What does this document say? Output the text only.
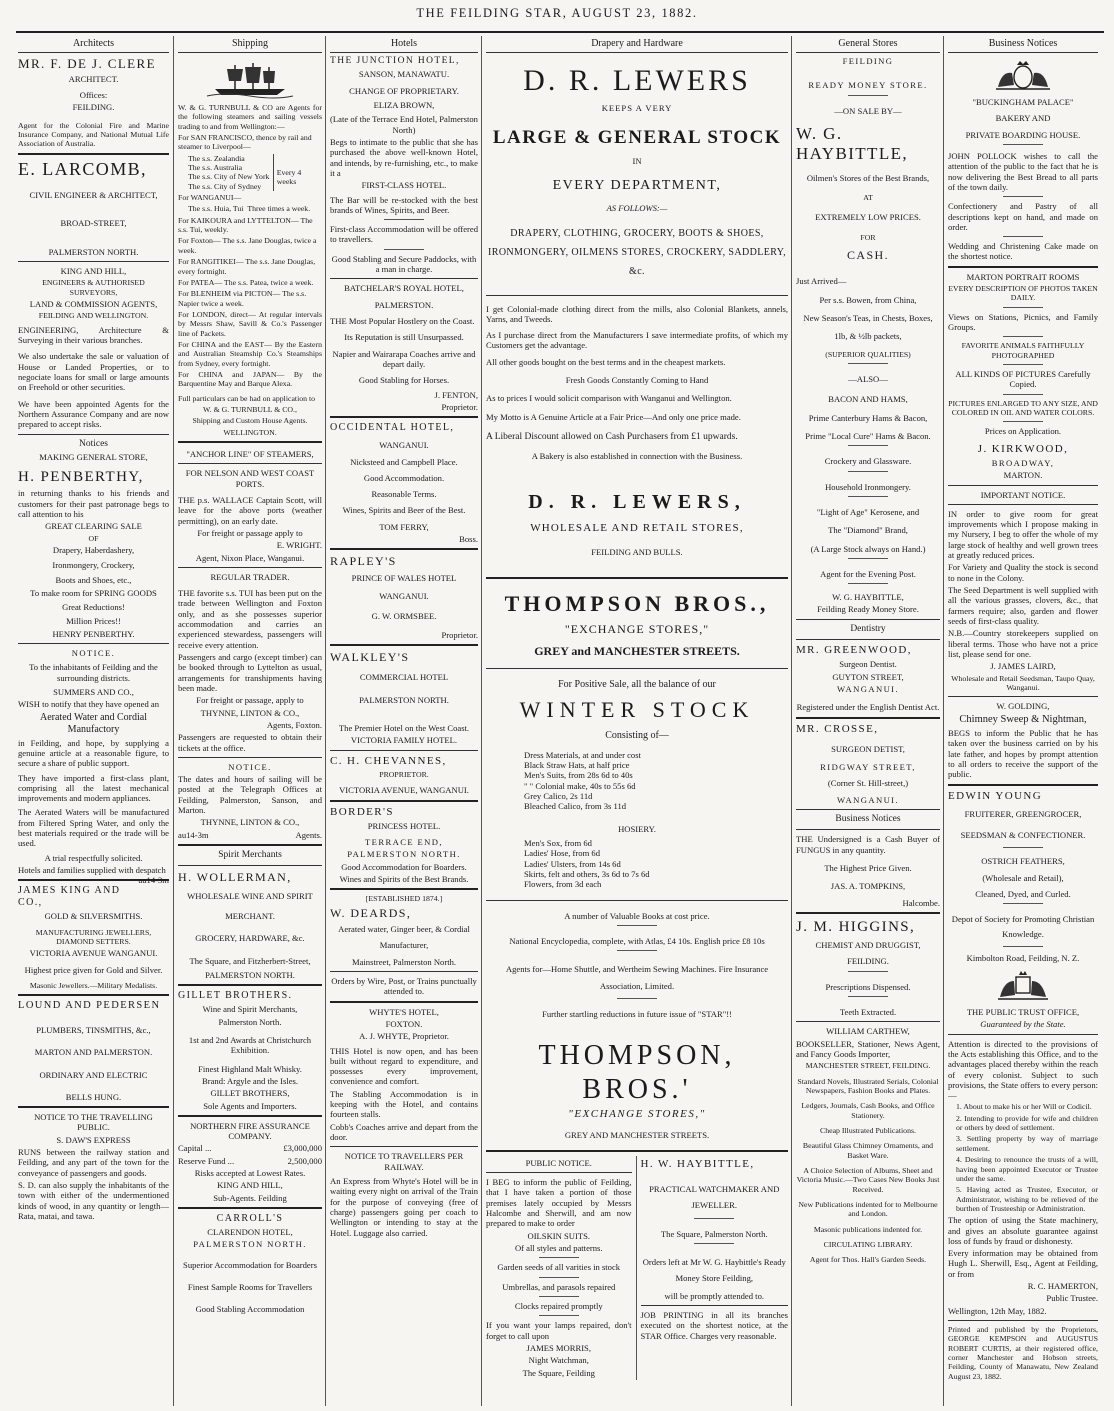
THE FEILDING STAR, AUGUST 23, 1882.
Architects
MR. F. DE J. CLERE

ARCHITECT.

Offices:

FEILDING.

Agent for the Colonial Fire and Marine Insurance Company, and National Mutual Life Association of Australia.

E. LARCOMB,

CIVIL ENGINEER & ARCHITECT,

BROAD-STREET,

PALMERSTON NORTH.

KING AND HILL,

ENGINEERS & AUTHORISED SURVEYORS,

LAND & COMMISSION AGENTS,

FEILDING AND WELLINGTON.

ENGINEERING, Architecture & Surveying in their various branches.

We also undertake the sale or valuation of House or Landed Properties, or to negociate loans for small or large amounts on Freehold or other securities.

We have been appointed Agents for the Northern Assurance Company and are now prepared to accept risks.

Notices

MAKING GENERAL STORE,

H. PENBERTHY,

in returning thanks to his friends and customers for their past patronage begs to call attention to his

GREAT CLEARING SALE

OF

Drapery, Haberdashery,

Ironmongery, Crockery,

Boots and Shoes, etc.,

To make room for SPRING GOODS

Great Reductions!

Million Prices!!

HENRY PENBERTHY.

NOTICE.

To the inhabitants of Feilding and the surrounding districts.

SUMMERS AND CO.,

WISH to notify that they have opened an

Aerated Water and Cordial Manufactory

in Feilding, and hope, by supplying a genuine article at a reasonable figure, to secure a share of public support.

They have imported a first-class plant, comprising all the latest mechanical improvements and modern appliances.

The Aerated Waters will be manufactured from Filtered Spring Water, and only the best materials required or the trade will be used.

A trial respectfully solicited.

Hotels and families supplied with despatch
au14-3m

JAMES KING AND CO.,

GOLD & SILVERSMITHS.

MANUFACTURING JEWELLERS, DIAMOND SETTERS.

VICTORIA AVENUE WANGANUI.

Highest price given for Gold and Silver.

Masonic Jewellers.—Military Medalists.

LOUND AND PEDERSEN

PLUMBERS, TINSMITHS, &c.,

MARTON AND PALMERSTON.

ORDINARY AND ELECTRIC

BELLS HUNG.

NOTICE TO THE TRAVELLING PUBLIC.

S. DAW'S EXPRESS

RUNS between the railway station and Feilding, and any part of the town for the conveyance of passengers and goods.

S. D. can also supply the inhabitants of the town with either of the undermentioned kinds of wood, in any quantity or length—Rata, matai, and tawa.

Shipping

W. & G. TURNBULL & CO are Agents for the following steamers and sailing vessels trading to and from Wellington:—

For SAN FRANCISCO, thence by rail and steamer to Liverpool—

The s.s. Zealandia
The s.s. Australia
The s.s. City of New York
The s.s. City of Sydney
Every 4 weeks

For WANGANUI—

The s.s. Huia, Tui Three times a week.

For KAIKOURA and LYTTELTON— The s.s. Tui, weekly.

For Foxton— The s.s. Jane Douglas, twice a week.

For RANGITIKEI— The s.s. Jane Douglas, every fortnight.

For PATEA— The s.s. Patea, twice a week.

For BLENHEIM via PICTON— The s.s. Napier twice a week.

For LONDON, direct— At regular intervals by Messrs Shaw, Savill & Co.'s Passenger line of Packets.

For CHINA and the EAST— By the Eastern and Australian Steamship Co.'s Steamships from Sydney, every fortnight.

For CHINA and JAPAN— By the Barquentine May and Barque Alexa.

Full particulars can be had on application to

W. & G. TURNBULL & CO.,

Shipping and Custom House Agents.

WELLINGTON.

"ANCHOR LINE" OF STEAMERS,

FOR NELSON AND WEST COAST PORTS.

THE p.s. WALLACE Captain Scott, will leave for the above ports (weather permitting), on an early date.

For freight or passage apply to

E. WRIGHT.

Agent, Nixon Place, Wanganui.

REGULAR TRADER.

THE favorite s.s. TUI has been put on the trade between Wellington and Foxton only, and as she possesses superior accommodation and carries an experienced stewardess, passengers will receive every attention.

Passengers and cargo (except timber) can be booked through to Lyttelton as usual, arrangements for transhipments having been made.

For freight or passage, apply to

THYNNE, LINTON & CO.,

Agents, Foxton.

Passengers are requested to obtain their tickets at the office.

NOTICE.

The dates and hours of sailing will be posted at the Telegraph Offices at Feilding, Palmerston, Sanson, and Marton.

THYNNE, LINTON & CO.,

au14-3m	Agents.

Spirit Merchants

H. WOLLERMAN,

WHOLESALE WINE AND SPIRIT

MERCHANT.

GROCERY, HARDWARE, &c.

The Square, and Fitzherbert-Street,

PALMERSTON NORTH.

GILLET BROTHERS.

Wine and Spirit Merchants,

Palmerston North.

1st and 2nd Awards at Christchurch Exhibition.

Finest Highland Malt Whisky.

Brand: Argyle and the Isles.

GILLET BROTHERS,

Sole Agents and Importers.

NORTHERN FIRE ASSURANCE COMPANY.

Capital ...	£3,000,000

Reserve Fund ...	2,500,000

Risks accepted at Lowest Rates.

KING AND HILL,

Sub-Agents. Feilding

CARROLL'S

CLARENDON HOTEL,

PALMERSTON NORTH.

Superior Accommodation for Boarders

Finest Sample Rooms for Travellers

Good Stabling Accommodation

Hotels

THE JUNCTION HOTEL,

SANSON, MANAWATU.

CHANGE OF PROPRIETARY.

ELIZA BROWN,

(Late of the Terrace End Hotel, Palmerston North)

Begs to intimate to the public that she has purchased the above well-known Hotel, and intends, by re-furnishing, etc., to make it a

FIRST-CLASS HOTEL.

The Bar will be re-stocked with the best brands of Wines, Spirits, and Beer.

First-class Accommodation will be offered to travellers.

Good Stabling and Secure Paddocks, with a man in charge.

BATCHELAR'S ROYAL HOTEL,

PALMERSTON.

THE Most Popular Hostlery on the Coast.

Its Reputation is still Unsurpassed.

Napier and Wairarapa Coaches arrive and depart daily.

Good Stabling for Horses.

J. FENTON,

Proprietor.

OCCIDENTAL HOTEL,

WANGANUI.

Nicksteed and Campbell Place.

Good Accommodation.

Reasonable Terms.

Wines, Spirits and Beer of the Best.

TOM FERRY,

Boss.

RAPLEY'S

PRINCE OF WALES HOTEL

WANGANUI.

G. W. ORMSBEE.

Proprietor.

WALKLEY'S

COMMERCIAL HOTEL

PALMERSTON NORTH.

The Premier Hotel on the West Coast.

VICTORIA FAMILY HOTEL.

C. H. CHEVANNES,

PROPRIETOR.

VICTORIA AVENUE, WANGANUI.

BORDER'S

PRINCESS HOTEL.

TERRACE END,

PALMERSTON NORTH.

Good Accommodation for Boarders.

Wines and Spirits of the Best Brands.

[ESTABLISHED 1874.]

W. DEARDS,

Aerated water, Ginger beer, & Cordial

Manufacturer,

Mainstreet, Palmerston North.

Orders by Wire, Post, or Trains punctually attended to.

WHYTE'S HOTEL,

FOXTON.

A. J. WHYTE, Proprietor.

THIS Hotel is now open, and has been built without regard to expenditure, and possesses every improvement, convenience and comfort.

The Stabling Accommodation is in keeping with the Hotel, and contains fourteen stalls.

Cobb's Coaches arrive and depart from the door.

NOTICE TO TRAVELLERS PER RAILWAY.

An Express from Whyte's Hotel will be in waiting every night on arrival of the Train for the purpose of conveying (free of charge) passengers going per coach to Wellington or intending to stay at the Hotel. Luggage also carried.

Drapery and Hardware
D. R. LEWERS

KEEPS A VERY

LARGE & GENERAL STOCK

IN

EVERY DEPARTMENT,

AS FOLLOWS:—

DRAPERY, CLOTHING, GROCERY, BOOTS & SHOES, IRONMONGERY, OILMENS STORES, CROCKERY, SADDLERY, &c.

I get Colonial-made clothing direct from the mills, also Colonial Blankets, annels, Yarns, and Tweeds.

As I purchase direct from the Manufacturers I save intermediate profits, of which my Customers get the advantage.

All other goods bought on the best terms and in the cheapest markets.

Fresh Goods Constantly Coming to Hand

As to prices I would solicit comparison with Wanganui and Wellington.

My Motto is A Genuine Article at a Fair Price—And only one price made.

A Liberal Discount allowed on Cash Purchasers from £1 upwards.

A Bakery is also established in connection with the Business.

D. R. LEWERS,

WHOLESALE AND RETAIL STORES,

FEILDING AND BULLS.

THOMPSON BROS.,

"EXCHANGE STORES,"

GREY and MANCHESTER STREETS.

For Positive Sale, all the balance of our

WINTER STOCK

Consisting of—

Dress Materials, at and under cost
Black Straw Hats, at half price
Men's Suits, from 28s 6d to 40s
" " Colonial make, 40s to 55s 6d
Grey Calico, 2s 11d
Bleached Calico, from 3s 11d

HOSIERY.

Men's Sox, from 6d
Ladies' Hose, from 6d
Ladies' Ulsters, from 14s 6d
Skirts, felt and others, 3s 6d to 7s 6d
Flowers, from 3d each

A number of Valuable Books at cost price.

National Encyclopedia, complete, with Atlas, £4 10s. English price £8 10s

Agents for—Home Shuttle, and Wertheim Sewing Machines. Fire Insurance Association, Limited.

Further startling reductions in future issue of "STAR"!!

THOMPSON, BROS.'

"EXCHANGE STORES,"

GREY AND MANCHESTER STREETS.

PUBLIC NOTICE.

I BEG to inform the public of Feilding, that I have taken a portion of those premises lately occupied by Messrs Halcombe and Sherwill, and am now prepared to make to order

OILSKIN SUITS.

Of all styles and patterns.

Garden seeds of all varities in stock

Umbrellas, and parasols repaired

Clocks repaired promptly

If you want your lamps repaired, don't forget to call upon

JAMES MORRIS,

Night Watchman,

The Square, Feilding

H. W. HAYBITTLE,

PRACTICAL WATCHMAKER AND JEWELLER.

The Square, Palmerston North.

Orders left at Mr W. G. Haybittle's Ready Money Store Feilding,

will be promptly attended to.

JOB PRINTING in all its branches executed on the shortest notice, at the STAR Office. Charges very reasonable.

General Stores

FEILDING

READY MONEY STORE.

—ON SALE BY—

W. G. HAYBITTLE,

Oilmen's Stores of the Best Brands,

AT

EXTREMELY LOW PRICES.

FOR

CASH.

Just Arrived—

Per s.s. Bowen, from China,

New Season's Teas, in Chests, Boxes,

1lb, & ½lb packets,

(SUPERIOR QUALITIES)

—ALSO—

BACON AND HAMS,

Prime Canterbury Hams & Bacon,

Prime "Local Cure" Hams & Bacon.

Crockery and Glassware.

Household Ironmongery.

"Light of Age" Kerosene, and

The "Diamond" Brand,

(A Large Stock always on Hand.)

Agent for the Evening Post.

W. G. HAYBITTLE,

Feilding Ready Money Store.

Dentistry

MR. GREENWOOD,

Surgeon Dentist.

GUYTON STREET,

WANGANUI.

Registered under the English Dentist Act.

MR. CROSSE,

SURGEON DETIST,

RIDGWAY STREET,

(Corner St. Hill-street,)

WANGANUI.

Business Notices

THE Undersigned is a Cash Buyer of FUNGUS in any quantity.

The Highest Price Given.

JAS. A. TOMPKINS,

Halcombe.

J. M. HIGGINS,

CHEMIST AND DRUGGIST,

FEILDING.

Prescriptions Dispensed.

Teeth Extracted.

WILLIAM CARTHEW,

BOOKSELLER, Stationer, News Agent, and Fancy Goods Importer,

MANCHESTER STREET, FEILDING.

Standard Novels, Illustrated Serials, Colonial Newspapers, Fashion Books and Plates.

Ledgers, Journals, Cash Books, and Office Stationery.

Cheap Illustrated Publications.

Beautiful Glass Chimney Ornaments, and Basket Ware.

A Choice Selection of Albums, Sheet and Victoria Music.—Two Cases New Books Just Received.

New Publications indented for to Melbourne and London.

Masonic publications indented for.

CIRCULATING LIBRARY.

Agent for Thos. Hall's Garden Seeds.

Business Notices

"BUCKINGHAM PALACE"

BAKERY AND

PRIVATE BOARDING HOUSE.

JOHN POLLOCK wishes to call the attention of the public to the fact that he is now delivering the Best Bread to all parts of the town daily.

Confectionery and Pastry of all descriptions kept on hand, and made on order.

Wedding and Christening Cake made on the shortest notice.

MARTON PORTRAIT ROOMS

EVERY DESCRIPTION OF PHOTOS TAKEN DAILY.

Views on Stations, Picnics, and Family Groups.

FAVORITE ANIMALS FAITHFULLY PHOTOGRAPHED

ALL KINDS OF PICTURES Carefully Copied.

PICTURES ENLARGED TO ANY SIZE, AND COLORED IN OIL AND WATER COLORS.

Prices on Application.

J. KIRKWOOD,

BROADWAY,

MARTON.

IMPORTANT NOTICE.

IN order to give room for great improvements which I propose making in my Nursery, I beg to offer the whole of my large stock of healthy and well grown trees at greatly reduced prices.

For Variety and Quality the stock is second to none in the Colony.

The Seed Department is well supplied with all the various grasses, clovers, &c., that farmers require; also, garden and flower seeds of first-class quality.

N.B.—Country storekeepers supplied on liberal terms. Those who have not a price list, please send for one.

J. JAMES LAIRD,

Wholesale and Retail Seedsman, Taupo Quay, Wanganui.

W. GOLDING,

Chimney Sweep & Nightman,

BEGS to inform the Public that he has taken over the business carried on by his late father, and hopes by prompt attention to all orders to receive the support of the public.

EDWIN YOUNG

FRUITERER, GREENGROCER,

SEEDSMAN & CONFECTIONER.

OSTRICH FEATHERS,

(Wholesale and Retail),

Cleaned, Dyed, and Curled.

Depot of Society for Promoting Christian Knowledge.

Kimbolton Road, Feilding, N. Z.

THE PUBLIC TRUST OFFICE,

Guaranteed by the State.

Attention is directed to the provisions of the Acts establishing this Office, and to the advantages placed thereby within the reach of every colonist. Subject to such provisions, the State offers to every person:—

1. About to make his or her Will or Codicil.

2. Intending to provide for wife and children or others by deed of settlement.

3. Settling property by way of marriage settlement.

4. Desiring to renounce the trusts of a will, having been appointed Executor or Trustee under the same.

5. Having acted as Trustee, Executor, or Administrator, wishing to be relieved of the burthen of Trusteeship or Administration.

The option of using the State machinery, and gives an absolute guarantee against loss of funds by fraud or dishonesty.

Every information may be obtained from Hugh L. Sherwill, Esq., Agent at Feilding, or from

R. C. HAMERTON,

Public Trustee.

Wellington, 12th May, 1882.

Printed and published by the Proprietors, GEORGE KEMPSON and AUGUSTUS ROBERT CURTIS, at their registered office, corner Manchester and Hobson streets, Feilding, County of Manawatu, New Zealand August 23, 1882.
